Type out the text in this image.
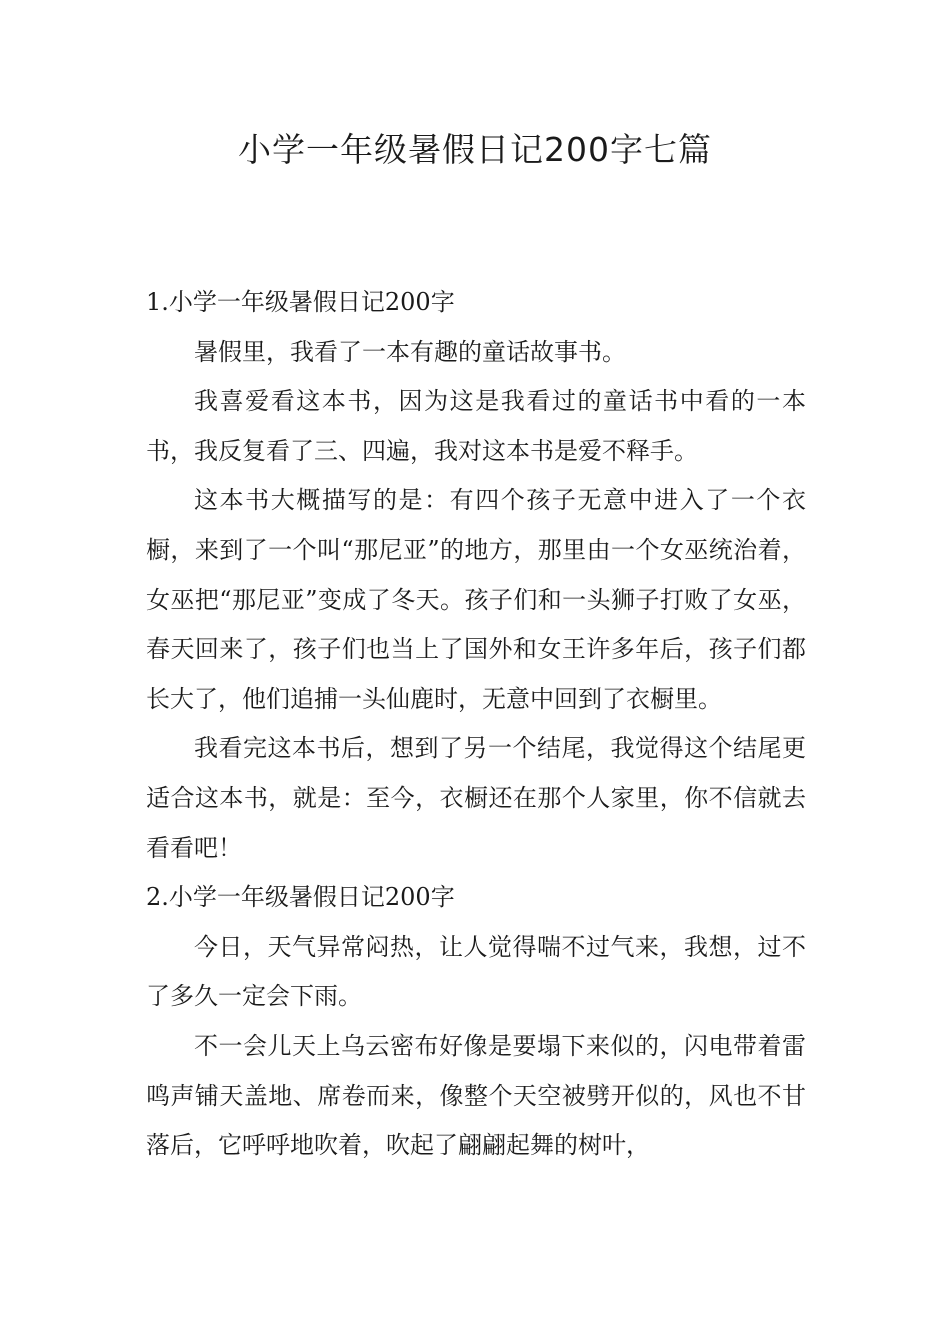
小学一年级暑假日记200字七篇
1.小学一年级暑假日记200字

暑假里，我看了一本有趣的童话故事书。

我喜爱看这本书，因为这是我看过的童话书中看的一本书，我反复看了三、四遍，我对这本书是爱不释手。

这本书大概描写的是：有四个孩子无意中进入了一个衣橱，来到了一个叫“那尼亚”的地方，那里由一个女巫统治着，女巫把“那尼亚”变成了冬天。孩子们和一头狮子打败了女巫，春天回来了，孩子们也当上了国外和女王许多年后，孩子们都长大了，他们追捕一头仙鹿时，无意中回到了衣橱里。

我看完这本书后，想到了另一个结尾，我觉得这个结尾更适合这本书，就是：至今，衣橱还在那个人家里，你不信就去看看吧！

2.小学一年级暑假日记200字

今日，天气异常闷热，让人觉得喘不过气来，我想，过不了多久一定会下雨。

不一会儿天上乌云密布好像是要塌下来似的，闪电带着雷鸣声铺天盖地、席卷而来，像整个天空被劈开似的，风也不甘落后，它呼呼地吹着，吹起了翩翩起舞的树叶，
